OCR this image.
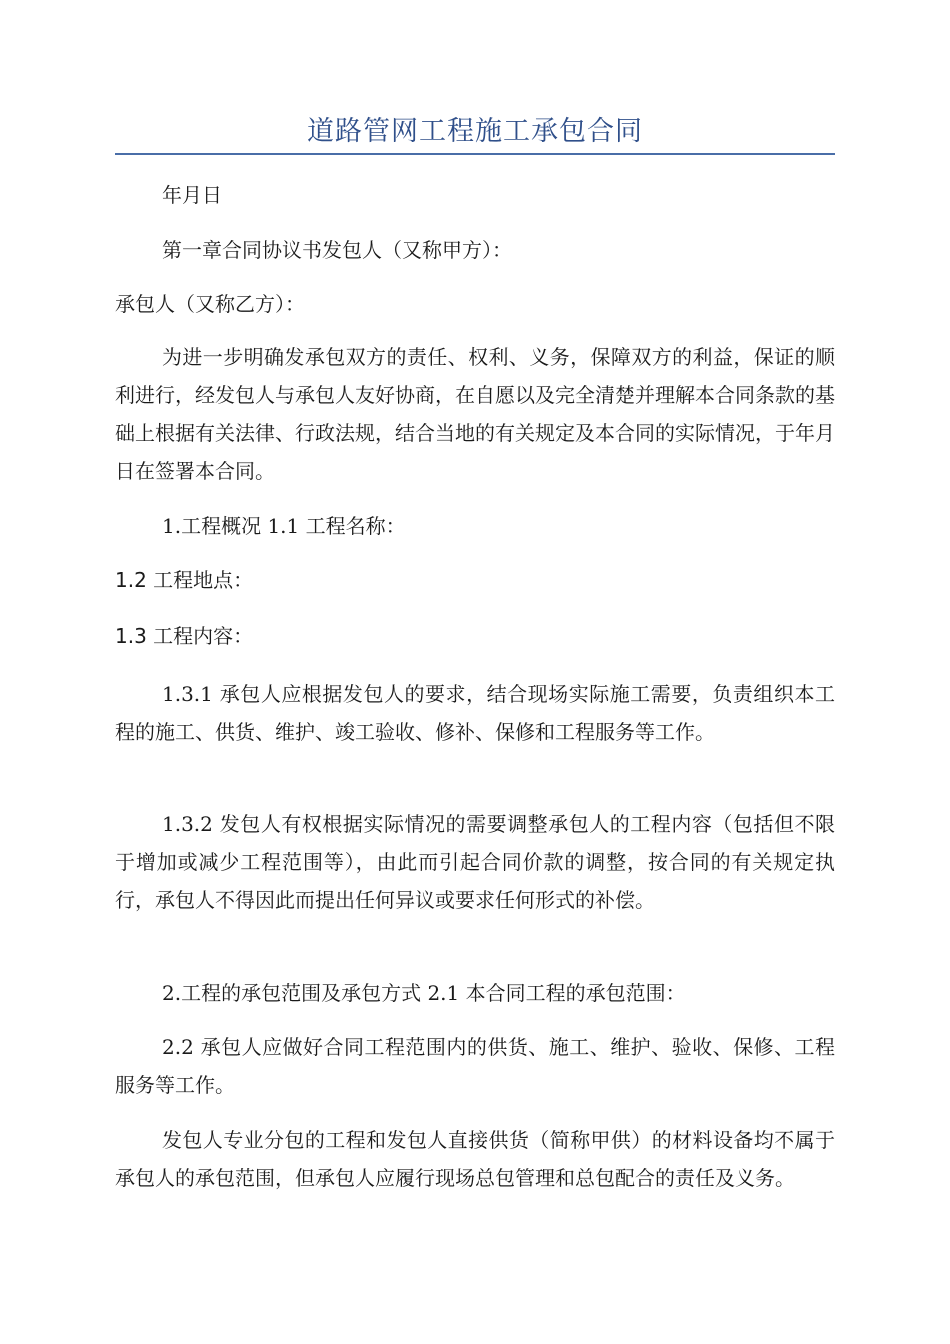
道路管网工程施工承包合同

年月日

第一章合同协议书发包人（又称甲方）：

承包人（又称乙方）：

为进一步明确发承包双方的责任、权利、义务，保障双方的利益，保证的顺利进行，经发包人与承包人友好协商，在自愿以及完全清楚并理解本合同条款的基础上根据有关法律、行政法规，结合当地的有关规定及本合同的实际情况，于年月日在签署本合同。

1.工程概况 1.1 工程名称：

1.2 工程地点：

1.3 工程内容：

1.3.1 承包人应根据发包人的要求，结合现场实际施工需要，负责组织本工程的施工、供货、维护、竣工验收、修补、保修和工程服务等工作。

1.3.2 发包人有权根据实际情况的需要调整承包人的工程内容（包括但不限于增加或减少工程范围等），由此而引起合同价款的调整，按合同的有关规定执行，承包人不得因此而提出任何异议或要求任何形式的补偿。

2.工程的承包范围及承包方式 2.1 本合同工程的承包范围：

2.2 承包人应做好合同工程范围内的供货、施工、维护、验收、保修、工程服务等工作。

发包人专业分包的工程和发包人直接供货（简称甲供）的材料设备均不属于承包人的承包范围，但承包人应履行现场总包管理和总包配合的责任及义务。
